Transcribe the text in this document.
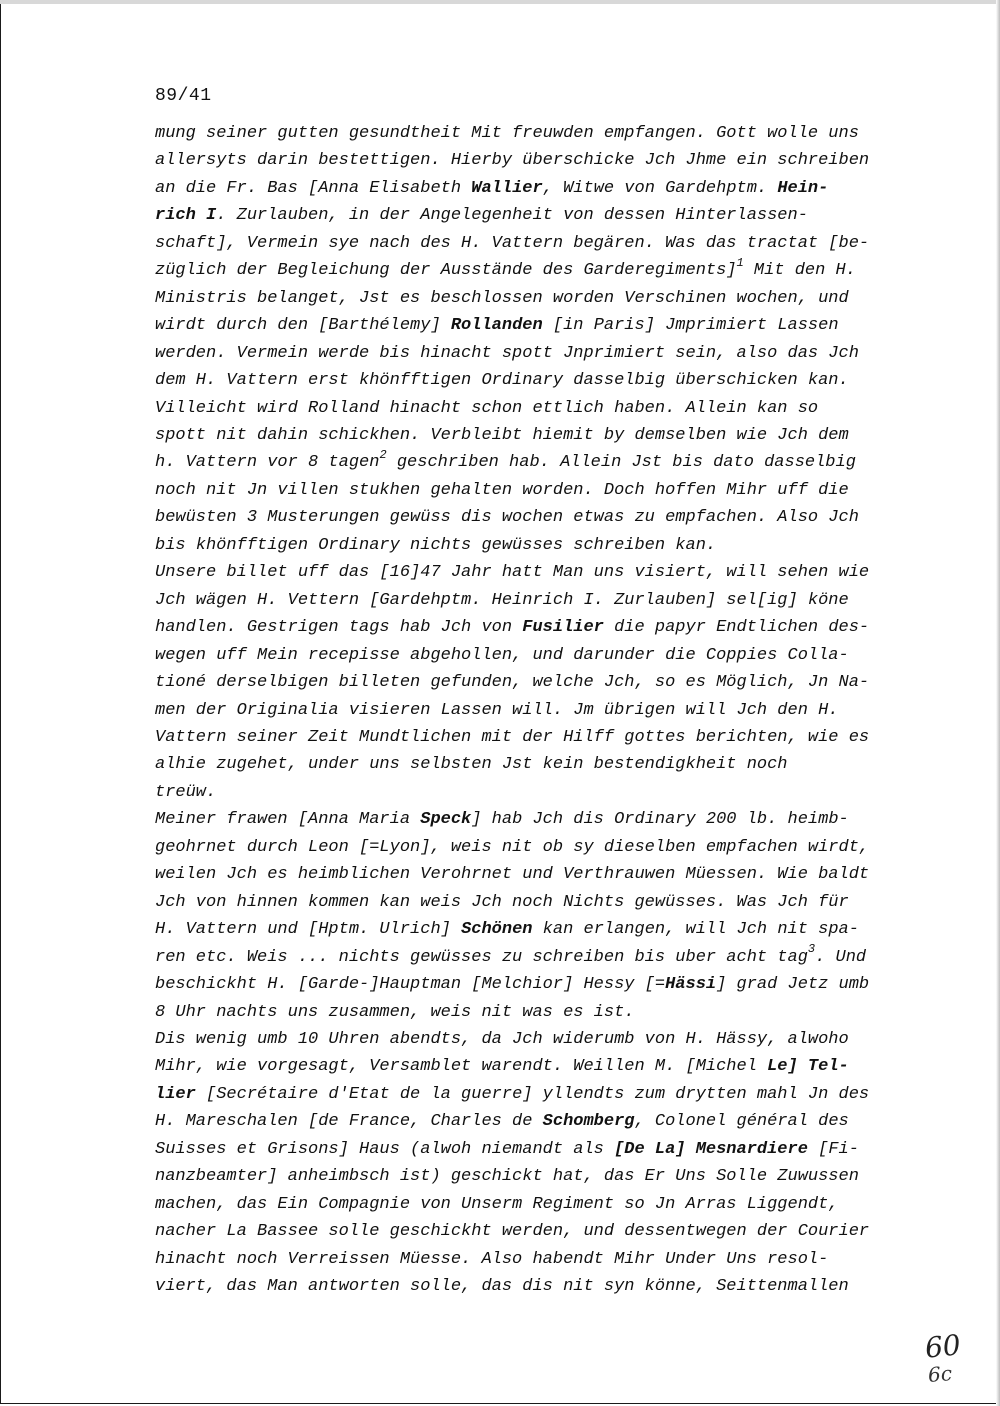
89/41
mung seiner gutten gesundtheit Mit freuwden empfangen. Gott wolle uns
allersyts darin bestettigen. Hierby überschicke Jch Jhme ein schreiben
an die Fr. Bas [Anna Elisabeth Wallier, Witwe von Gardehptm. Hein-
rich I. Zurlauben, in der Angelegenheit von dessen Hinterlassen-
schaft], Vermein sye nach des H. Vattern begären. Was das tractat [be-
züglich der Begleichung der Ausstände des Garderegiments]$^1$ Mit den H.
Ministris belanget, Jst es beschlossen worden Verschinen wochen, und
wirdt durch den [Barthélemy] Rollanden [in Paris] Jmprimiert Lassen
werden. Vermein werde bis hinacht spott Jnprimiert sein, also das Jch
dem H. Vattern erst khönfftigen Ordinary dasselbig überschicken kan.
Villeicht wird Rolland hinacht schon ettlich haben. Allein kan so
spott nit dahin schickhen. Verbleibt hiemit by demselben wie Jch dem
h. Vattern vor 8 tagen$^2$ geschriben hab. Allein Jst bis dato dasselbig
noch nit Jn villen stukhen gehalten worden. Doch hoffen Mihr uff die
bewüsten 3 Musterungen gewüss dis wochen etwas zu empfachen. Also Jch
bis khönfftigen Ordinary nichts gewüsses schreiben kan.
Unsere billet uff das [16]47 Jahr hatt Man uns visiert, will sehen wie
Jch wägen H. Vettern [Gardehptm. Heinrich I. Zurlauben] sel[ig] köne
handlen. Gestrigen tags hab Jch von Fusilier die papyr Endtlichen des-
wegen uff Mein recepisse abgehollen, und darunder die Coppies Colla-
tioné derselbigen billeten gefunden, welche Jch, so es Möglich, Jn Na-
men der Originalia visieren Lassen will. Jm übrigen will Jch den H.
Vattern seiner Zeit Mundtlichen mit der Hilff gottes berichten, wie es
alhie zugehet, under uns selbsten Jst kein bestendigkheit noch
treüw.
Meiner frawen [Anna Maria Speck] hab Jch dis Ordinary 200 lb. heimb-
geohrnet durch Leon [=Lyon], weis nit ob sy dieselben empfachen wirdt,
weilen Jch es heimblichen Verohrnet und Verthrauwen Müessen. Wie baldt
Jch von hinnen kommen kan weis Jch noch Nichts gewüsses. Was Jch für
H. Vattern und [Hptm. Ulrich] Schönen kan erlangen, will Jch nit spa-
ren etc. Weis ... nichts gewüsses zu schreiben bis uber acht tag$^3$. Und
beschickht H. [Garde-]Hauptman [Melchior] Hessy [=Hässi] grad Jetz umb
8 Uhr nachts uns zusammen, weis nit was es ist.
Dis wenig umb 10 Uhren abendts, da Jch widerumb von H. Hässy, alwoho
Mihr, wie vorgesagt, Versamblet warendt. Weillen M. [Michel Le] Tel-
lier [Secrétaire d'Etat de la guerre] yllendts zum drytten mahl Jn des
H. Mareschalen [de France, Charles de Schomberg, Colonel général des
Suisses et Grisons] Haus (alwoh niemandt als [De La] Mesnardiere [Fi-
nanzbeamter] anheimbsch ist) geschickt hat, das Er Uns Solle Zuwussen
machen, das Ein Compagnie von Unserm Regiment so Jn Arras Liggendt,
nacher La Bassee solle geschickht werden, und dessentwegen der Courier
hinacht noch Verreissen Müesse. Also habendt Mihr Under Uns resol-
viert, das Man antworten solle, das dis nit syn könne, Seittenmallen
60
6c
